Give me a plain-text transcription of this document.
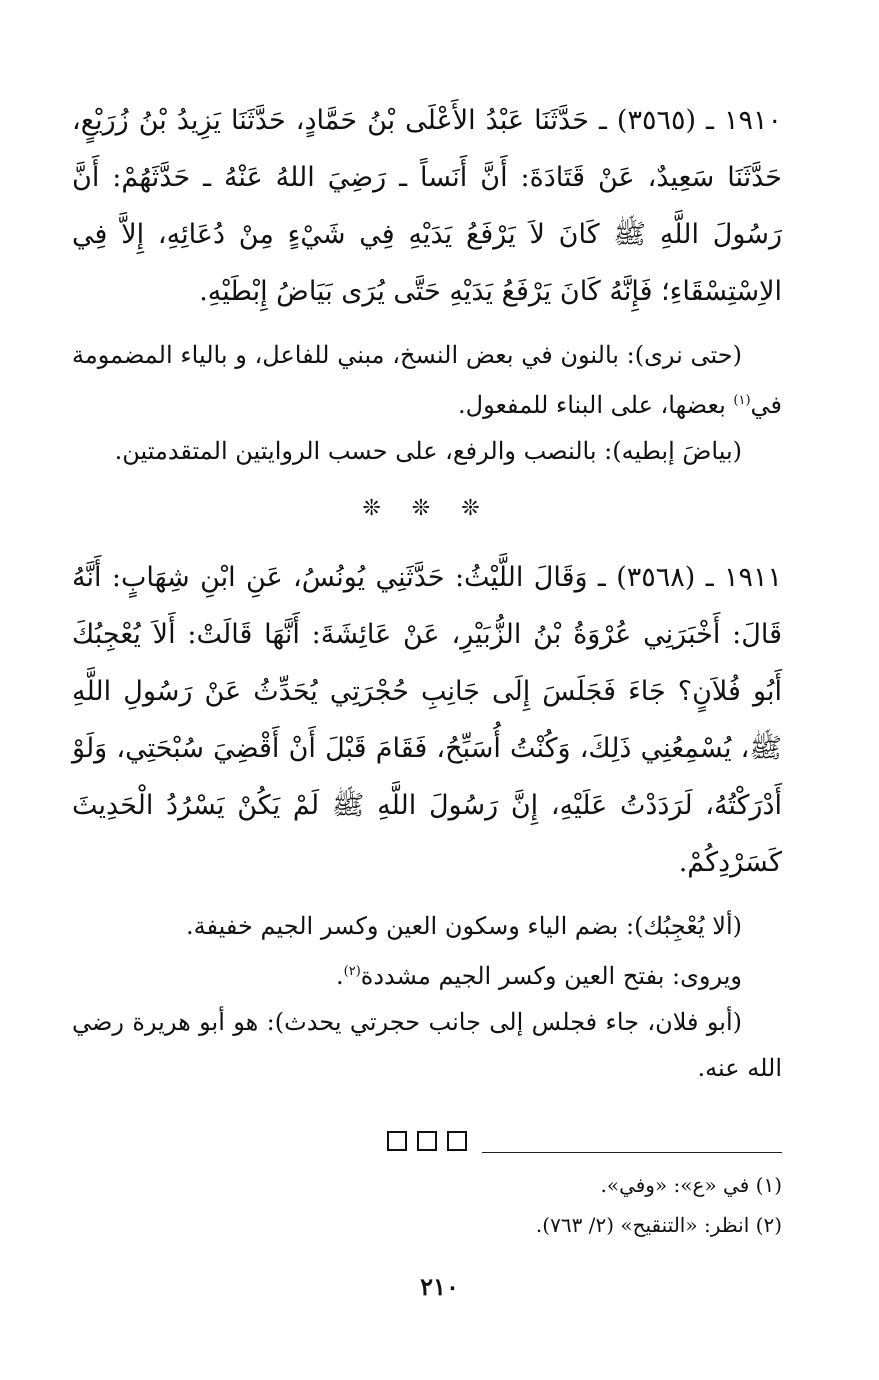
١٩١٠ ـ (٣٥٦٥) ـ حَدَّثَنَا عَبْدُ الأَعْلَى بْنُ حَمَّادٍ، حَدَّثَنَا يَزِيدُ بْنُ زُرَيْعٍ، حَدَّثَنَا سَعِيدٌ، عَنْ قَتَادَةَ: أَنَّ أَنَساً ـ رَضِيَ اللهُ عَنْهُ ـ حَدَّثَهُمْ: أَنَّ رَسُولَ اللَّهِ ﷺ كَانَ لاَ يَرْفَعُ يَدَيْهِ فِي شَيْءٍ مِنْ دُعَائِهِ، إِلاَّ فِي الاِسْتِسْقَاءِ؛ فَإِنَّهُ كَانَ يَرْفَعُ يَدَيْهِ حَتَّى يُرَى بَيَاضُ إِبْطَيْهِ.

(حتى نرى): بالنون في بعض النسخ، مبني للفاعل، و بالياء المضمومة في$^{(١)}$ بعضها، على البناء للمفعول.

(بياضَ إبطيه): بالنصب والرفع، على حسب الروايتين المتقدمتين.

❊ ❊ ❊

١٩١١ ـ (٣٥٦٨) ـ وَقَالَ اللَّيْثُ: حَدَّثَنِي يُونُسُ، عَنِ ابْنِ شِهَابٍ: أَنَّهُ قَالَ: أَخْبَرَنِي عُرْوَةُ بْنُ الزُّبَيْرِ، عَنْ عَائِشَةَ: أَنَّهَا قَالَتْ: أَلاَ يُعْجِبُكَ أَبُو فُلاَنٍ؟ جَاءَ فَجَلَسَ إِلَى جَانِبِ حُجْرَتِي يُحَدِّثُ عَنْ رَسُولِ اللَّهِ ﷺ، يُسْمِعُنِي ذَلِكَ، وَكُنْتُ أُسَبِّحُ، فَقَامَ قَبْلَ أَنْ أَقْضِيَ سُبْحَتِي، وَلَوْ أَدْرَكْتُهُ، لَرَدَدْتُ عَلَيْهِ، إِنَّ رَسُولَ اللَّهِ ﷺ لَمْ يَكُنْ يَسْرُدُ الْحَدِيثَ كَسَرْدِكُمْ.

(ألا يُعْجِبُك): بضم الياء وسكون العين وكسر الجيم خفيفة.

ويروى: بفتح العين وكسر الجيم مشددة$^{(٢)}$.

(أبو فلان، جاء فجلس إلى جانب حجرتي يحدث): هو أبو هريرة رضي الله عنه.

(١) في «ع»: «وفي».
(٢) انظر: «التنقيح» (٢/ ٧٦٣).
٢١٠
